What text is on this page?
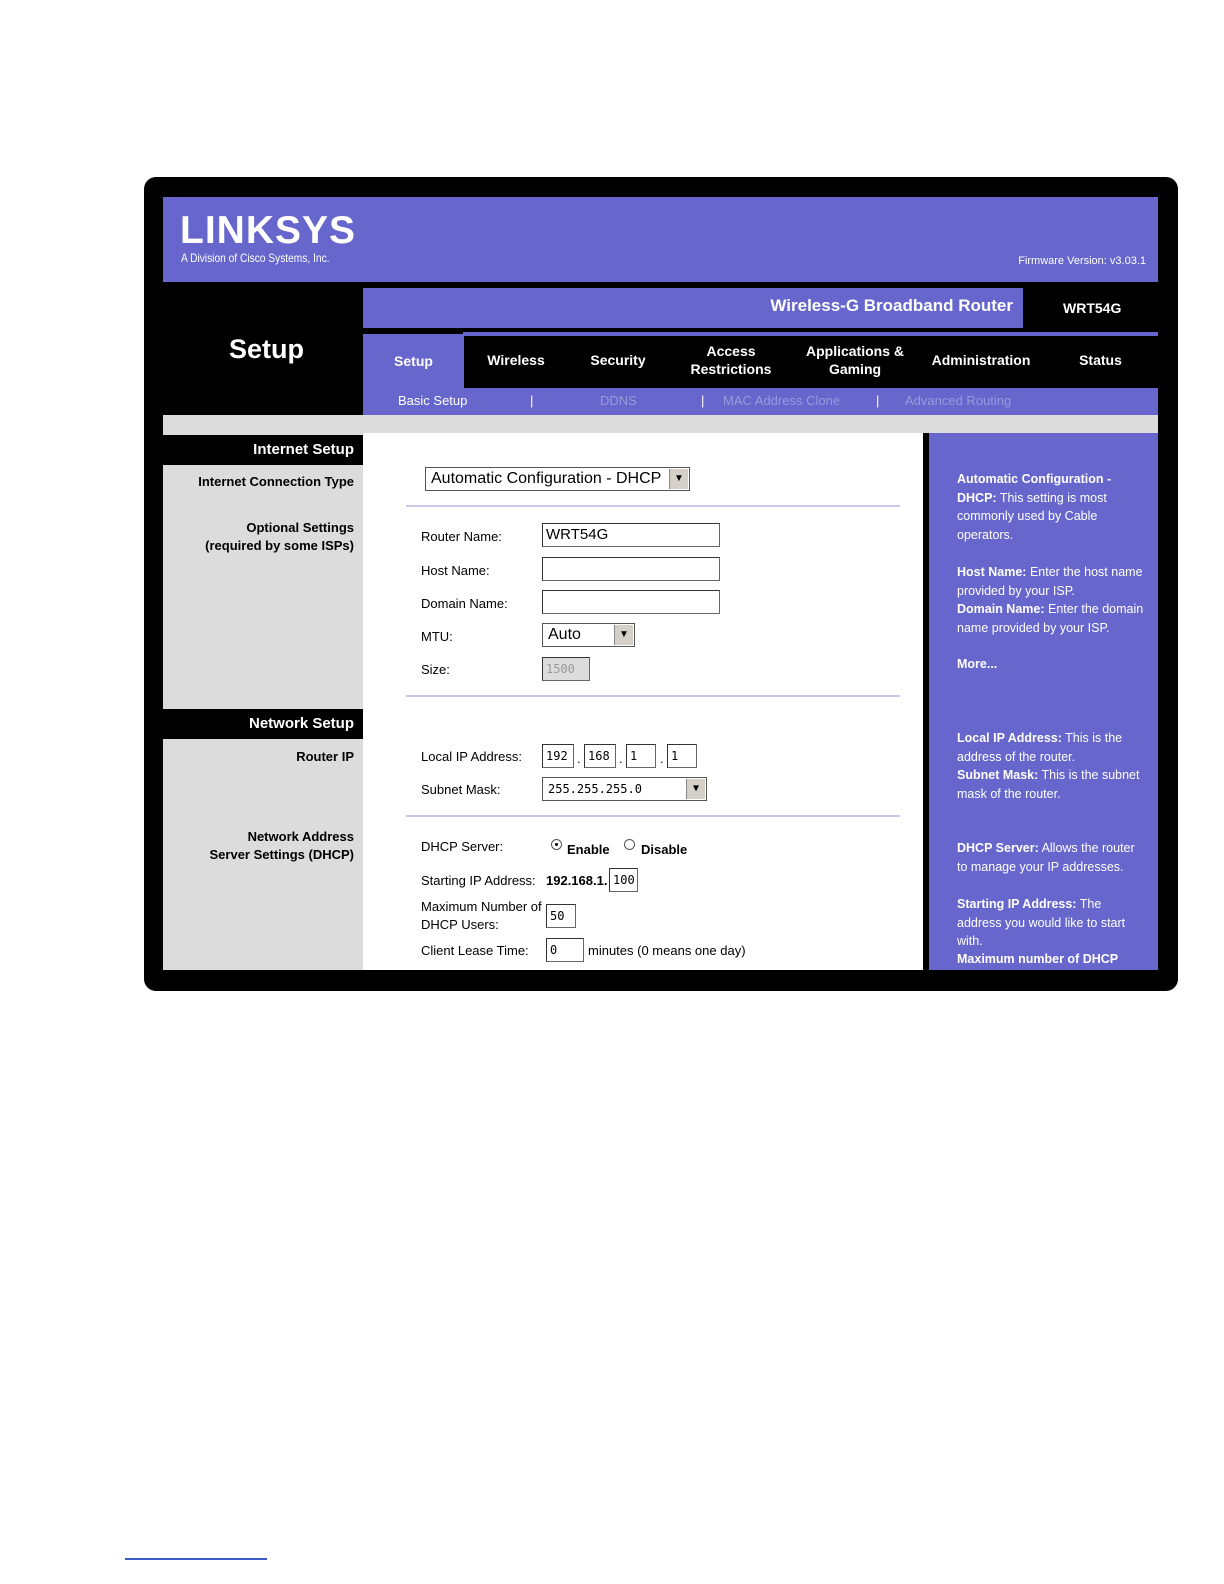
LINKSYS
A Division of Cisco Systems, Inc.	Firmware Version: v3.03.1
Setup
Wireless-G Broadband Router	WRT54G
Setup	Wireless	Security
Access Restrictions
Applications & Gaming
Administration	Status
Basic Setup	|	DDNS	| MAC Address Clone	| Advanced Routing
Internet Setup
Internet Connection Type
Optional Settings
(required by some ISPs)
Network Setup
Router IP
Network Address
Server Settings (DHCP)
Automatic Configuration - DHCP	▼
Router Name:	WRT54G
Host Name:
Domain Name:
MTU:	Auto	▼
Size:	1500
Local IP Address:	192 . 168 . 1	. 1
Subnet Mask:	255.255.255.0	▼
DHCP Server:	Enable Disable
Starting IP Address: 192.168.1. 100
Maximum Number of
DHCP Users:
50
Client Lease Time:	0	minutes (0 means one day)
Automatic Configuration - DHCP: This setting is most commonly used by Cable operators.
Host Name: Enter the host name provided by your ISP.
Domain Name: Enter the domain name provided by your ISP.
More...
Local IP Address: This is the address of the router.
Subnet Mask: This is the subnet mask of the router.
DHCP Server: Allows the router to manage your IP addresses.
Starting IP Address: The address you would like to start with.
Maximum number of DHCP
